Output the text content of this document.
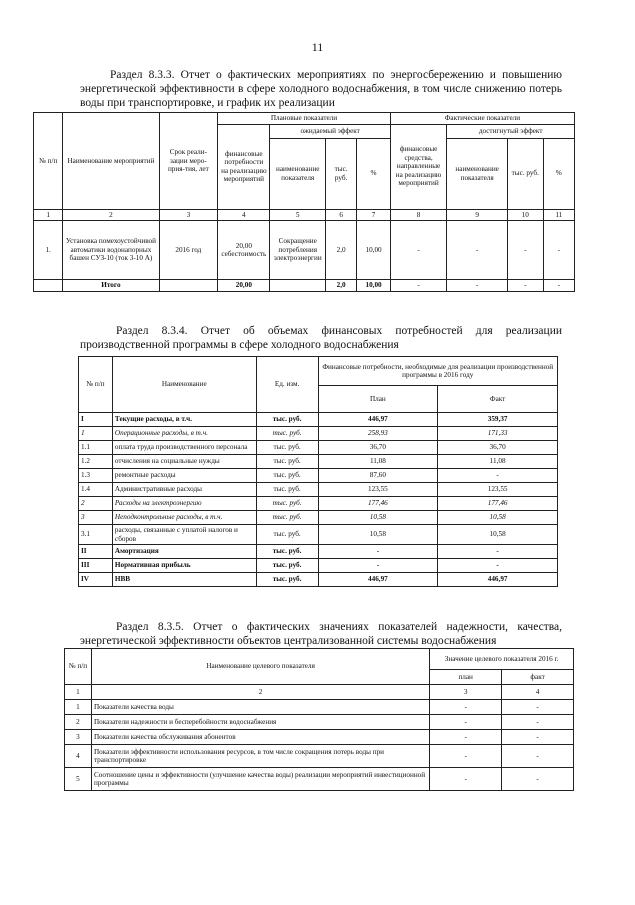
11
Раздел 8.3.3. Отчет о фактических мероприятиях по энергосбережению и повышению энергетической эффективности в сфере холодного водоснабжения, в том числе снижению потерь воды при транспортировке, и график их реализации
№ п/п	Наименование мероприятий	Срок реали-зации меро-прия-тия, лет	Плановые показатели				Фактические показатели			
			финансовые потребности на реализацию мероприятий	ожидаемый эффект			финансовые средства, направленные на реализацию мероприятий	достигнутый эффект		
				наименование показателя	тыс. руб.	%		наименование показателя	тыс. руб.	%
1	2	3	4	5	6	7	8	9	10	11
1.	Установка помехоустойчивой автоматики водонапорных башен СУЗ-10 (ток 3-10 А)	2016 год	20,00 себестоимость	Сокращение потребления электроэнергии	2,0	10,00	-	-	-	-
	Итого		20,00		2,0	10,00	-	-	-	-
Раздел 8.3.4. Отчет об объемах финансовых потребностей для реализации производственной программы в сфере холодного водоснабжения
№ п/п	Наименование	Ед. изм.	Финансовые потребности, необходимые для реализации производственной программы в 2016 году	
			План	Факт
I	Текущие расходы, в т.ч.	тыс. руб.	446,97	359,37
1	Операционные расходы, в т.ч.	тыс. руб.	258,93	171,33
1.1	оплата труда производственного персонала	тыс. руб.	36,70	36,70
1.2	отчисления на социальные нужды	тыс. руб.	11,08	11,08
1.3	ремонтные расходы	тыс. руб.	87,60	-
1.4	Административные расходы	тыс. руб.	123,55	123,55
2	Расходы на электроэнергию	тыс. руб.	177,46	177,46
3	Неподконтрольные расходы, в т.ч.	тыс. руб.	10,58	10,58
3.1	расходы, связанные с уплатой налогов и сборов	тыс. руб.	10,58	10,58
II	Амортизация	тыс. руб.	-	-
III	Нормативная прибыль	тыс. руб.	-	-
IV	НВВ	тыс. руб.	446,97	446,97
Раздел 8.3.5. Отчет о фактических значениях показателей надежности, качества, энергетической эффективности объектов централизованной системы водоснабжения
№ п/п	Наименование целевого показателя	Значение целевого показателя 2016 г.	
		план	факт
1	2	3	4
1	Показатели качества воды	-	-
2	Показатели надежности и бесперебойности водоснабжения	-	-
3	Показатели качества обслуживания абонентов	-	-
4	Показатели эффективности использования ресурсов, в том числе сокращения потерь воды при транспортировке	-	-
5	Соотношение цены и эффективности (улучшение качества воды) реализации мероприятий инвестиционной программы	-	-
